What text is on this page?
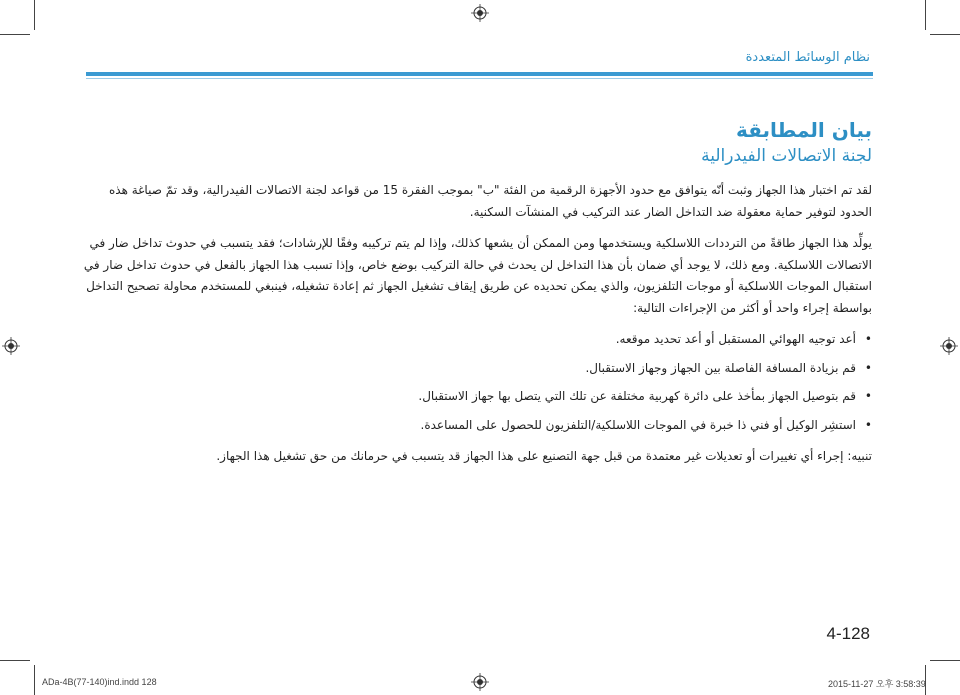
نظام الوسائط المتعددة
بيان المطابقة
لجنة الاتصالات الفيدرالية

لقد تم اختبار هذا الجهاز وثبت أنّه يتوافق مع حدود الأجهزة الرقمية من الفئة "ب" بموجب الفقرة 15 من قواعد لجنة الاتصالات الفيدرالية، وقد تمّ صياغة هذه الحدود لتوفير حماية معقولة ضد التداخل الضار عند التركيب في المنشآت السكنية.

يولِّد هذا الجهاز طاقةً من الترددات اللاسلكية ويستخدمها ومن الممكن أن يشعها كذلك، وإذا لم يتم تركيبه وفقًا للإرشادات؛ فقد يتسبب في حدوث تداخل ضار في الاتصالات اللاسلكية. ومع ذلك، لا يوجد أي ضمان بأن هذا التداخل لن يحدث في حالة التركيب بوضع خاص، وإذا تسبب هذا الجهاز بالفعل في حدوث تداخل ضار في استقبال الموجات اللاسلكية أو موجات التلفزيون، والذي يمكن تحديده عن طريق إيقاف تشغيل الجهاز ثم إعادة تشغيله، فينبغي للمستخدم محاولة تصحيح التداخل بواسطة إجراء واحد أو أكثر من الإجراءات التالية:

• أعد توجيه الهوائي المستقبل أو أعد تحديد موقعه.
• قم بزيادة المسافة الفاصلة بين الجهاز وجهاز الاستقبال.
• قم بتوصيل الجهاز بمأخذ على دائرة كهربية مختلفة عن تلك التي يتصل بها جهاز الاستقبال.
• استشِر الوكيل أو فني ذا خبرة في الموجات اللاسلكية/التلفزيون للحصول على المساعدة.

تنبيه: إجراء أي تغييرات أو تعديلات غير معتمدة من قبل جهة التصنيع على هذا الجهاز قد يتسبب في حرمانك من حق تشغيل هذا الجهاز.

4-128
ADa-4B(77-140)ind.indd 128	2015-11-27 오후 3:58:39
